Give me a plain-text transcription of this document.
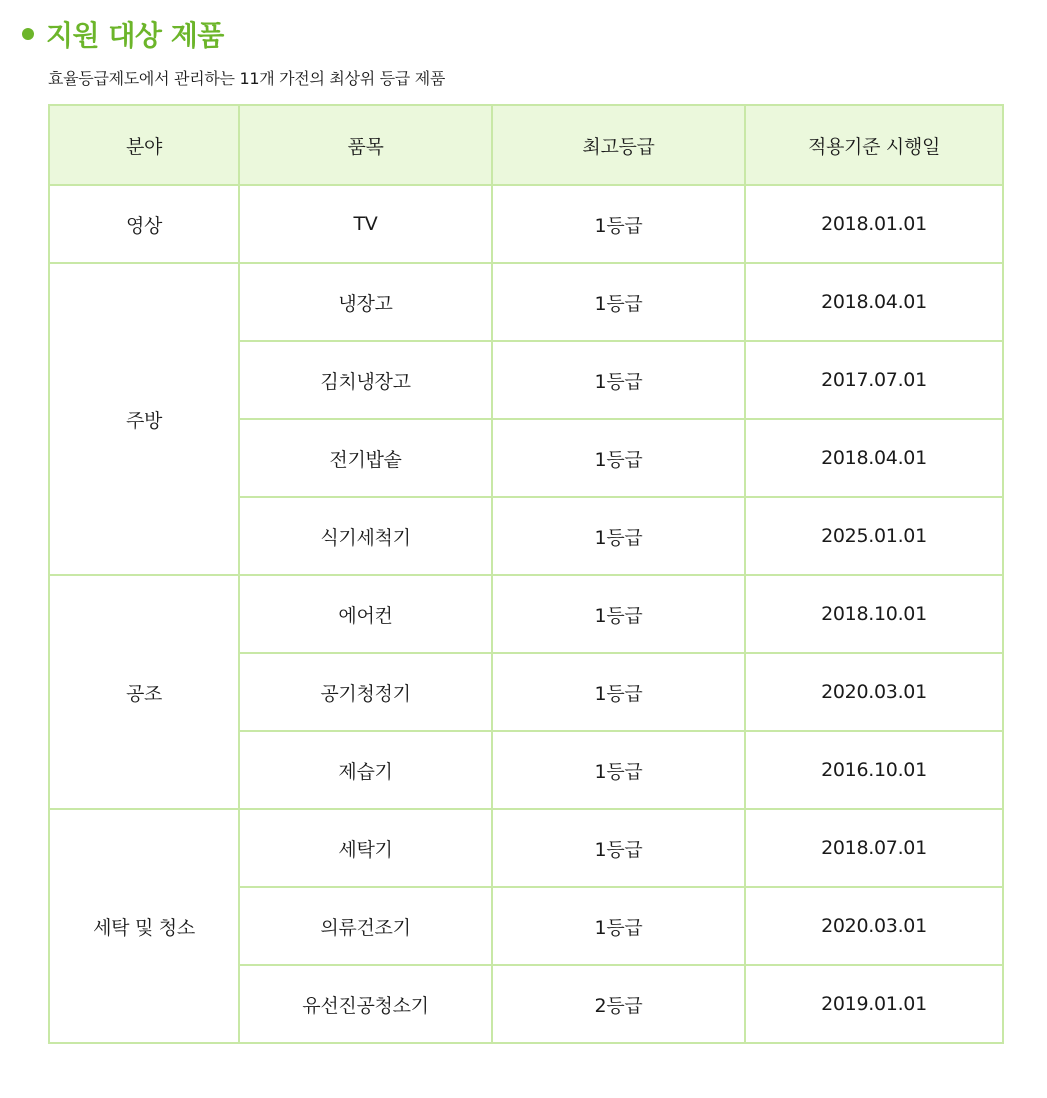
지원 대상 제품
효율등급제도에서 관리하는 11개 가전의 최상위 등급 제품
분야	품목	최고등급	적용기준 시행일
영상	TV	1등급	2018.01.01
주방	냉장고	1등급	2018.04.01
	김치냉장고	1등급	2017.07.01
	전기밥솥	1등급	2018.04.01
	식기세척기	1등급	2025.01.01
공조	에어컨	1등급	2018.10.01
	공기청정기	1등급	2020.03.01
	제습기	1등급	2016.10.01
세탁 및 청소	세탁기	1등급	2018.07.01
	의류건조기	1등급	2020.03.01
	유선진공청소기	2등급	2019.01.01
